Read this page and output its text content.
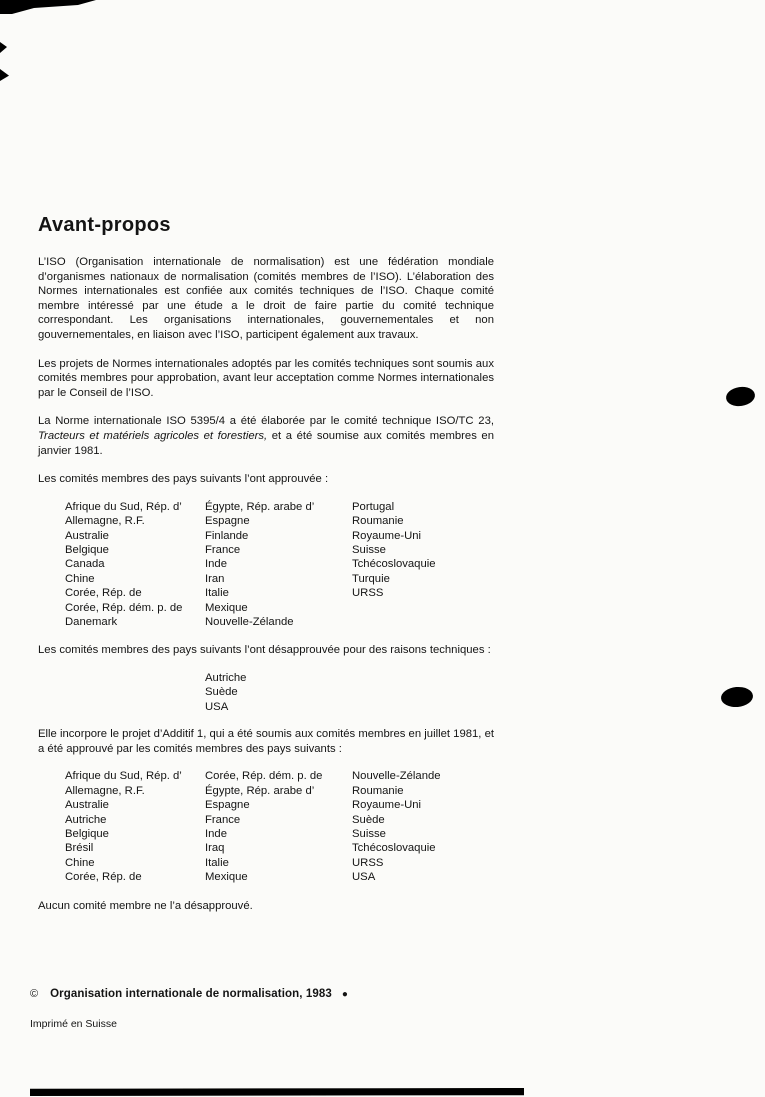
Avant-propos

L’ISO (Organisation internationale de normalisation) est une fédération mondiale d’organismes nationaux de normalisation (comités membres de l’ISO). L’élaboration des Normes internationales est confiée aux comités techniques de l’ISO. Chaque comité membre intéressé par une étude a le droit de faire partie du comité technique correspondant. Les organisations internationales, gouvernementales et non gouvernementales, en liaison avec l’ISO, participent également aux travaux.

Les projets de Normes internationales adoptés par les comités techniques sont soumis aux comités membres pour approbation, avant leur acceptation comme Normes internationales par le Conseil de l’ISO.

La Norme internationale ISO 5395/4 a été élaborée par le comité technique ISO/TC 23, Tracteurs et matériels agricoles et forestiers, et a été soumise aux comités membres en janvier 1981.

Les comités membres des pays suivants l’ont approuvée :

Afrique du Sud, Rép. d’
Allemagne, R.F.
Australie
Belgique
Canada
Chine
Corée, Rép. de
Corée, Rép. dém. p. de
Danemark
Égypte, Rép. arabe d’
Espagne
Finlande
France
Inde
Iran
Italie
Mexique
Nouvelle-Zélande
Portugal
Roumanie
Royaume-Uni
Suisse
Tchécoslovaquie
Turquie
URSS

Les comités membres des pays suivants l’ont désapprouvée pour des raisons techniques :

Autriche
Suède
USA

Elle incorpore le projet d’Additif 1, qui a été soumis aux comités membres en juillet 1981, et a été approuvé par les comités membres des pays suivants :

Afrique du Sud, Rép. d’
Allemagne, R.F.
Australie
Autriche
Belgique
Brésil
Chine
Corée, Rép. de
Corée, Rép. dém. p. de
Égypte, Rép. arabe d’
Espagne
France
Inde
Iraq
Italie
Mexique
Nouvelle-Zélande
Roumanie
Royaume-Uni
Suède
Suisse
Tchécoslovaquie
URSS
USA

Aucun comité membre ne l’a désapprouvé.

© Organisation internationale de normalisation, 1983 ●
Imprimé en Suisse
